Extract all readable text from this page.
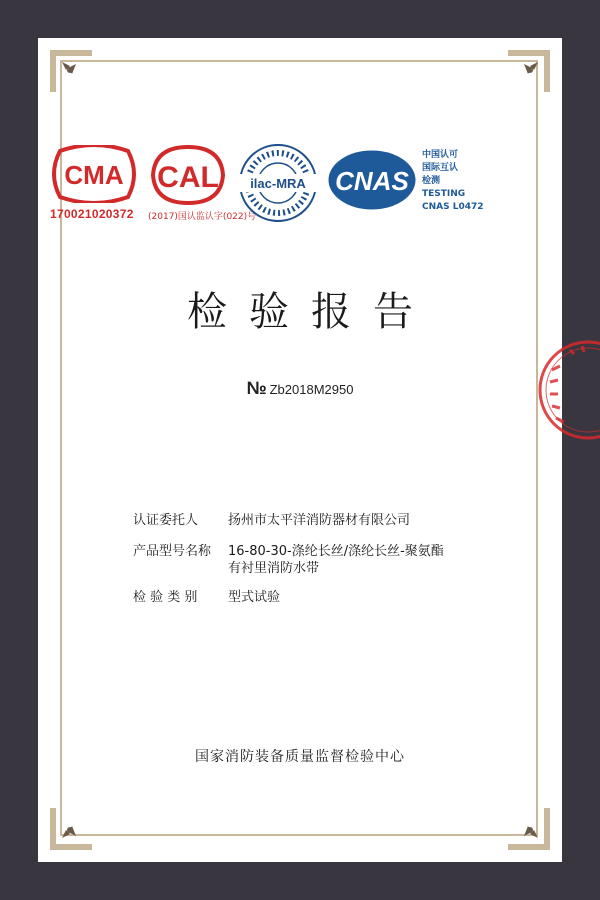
CMA
170021020372
CAL
(2017)国认监认字(022)号
ilac-MRA CNAS
中国认可
国际互认
检测
TESTING
CNAS L0472
检验报告
№ Zb2018M2950
认证委托人	扬州市太平洋消防器材有限公司
产品型号名称	16-80-30-涤纶长丝/涤纶长丝-聚氨酯
有衬里消防水带
检 验 类 别	型式试验
国家消防装备质量监督检验中心
